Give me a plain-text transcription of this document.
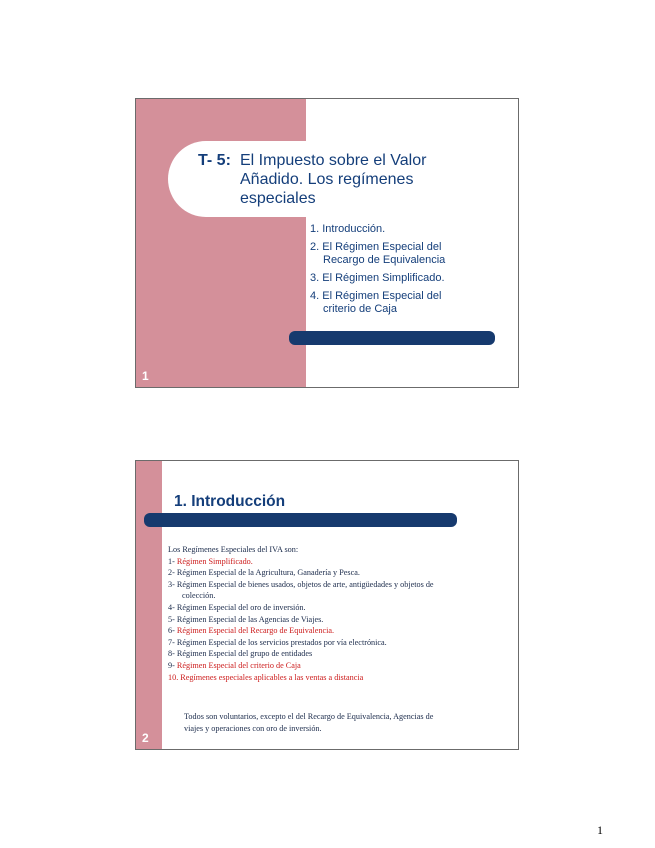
T- 5: El Impuesto sobre el Valor Añadido. Los regímenes especiales
1. Introducción.
2. El Régimen Especial del
Recargo de Equivalencia
3. El Régimen Simplificado.
4. El Régimen Especial del
criterio de Caja
1
1. Introducción
Los Regímenes Especiales del IVA son:
1- Régimen Simplificado.
2- Régimen Especial de la Agricultura, Ganadería y Pesca.
3- Régimen Especial de bienes usados, objetos de arte, antigüedades y objetos de
colección.
4- Régimen Especial del oro de inversión.
5- Régimen Especial de las Agencias de Viajes.
6- Régimen Especial del Recargo de Equivalencia.
7- Régimen Especial de los servicios prestados por vía electrónica.
8- Régimen Especial del grupo de entidades
9- Régimen Especial del criterio de Caja
10. Regímenes especiales aplicables a las ventas a distancia
Todos son voluntarios, excepto el del Recargo de Equivalencia, Agencias de
viajes y operaciones con oro de inversión.
2
1
